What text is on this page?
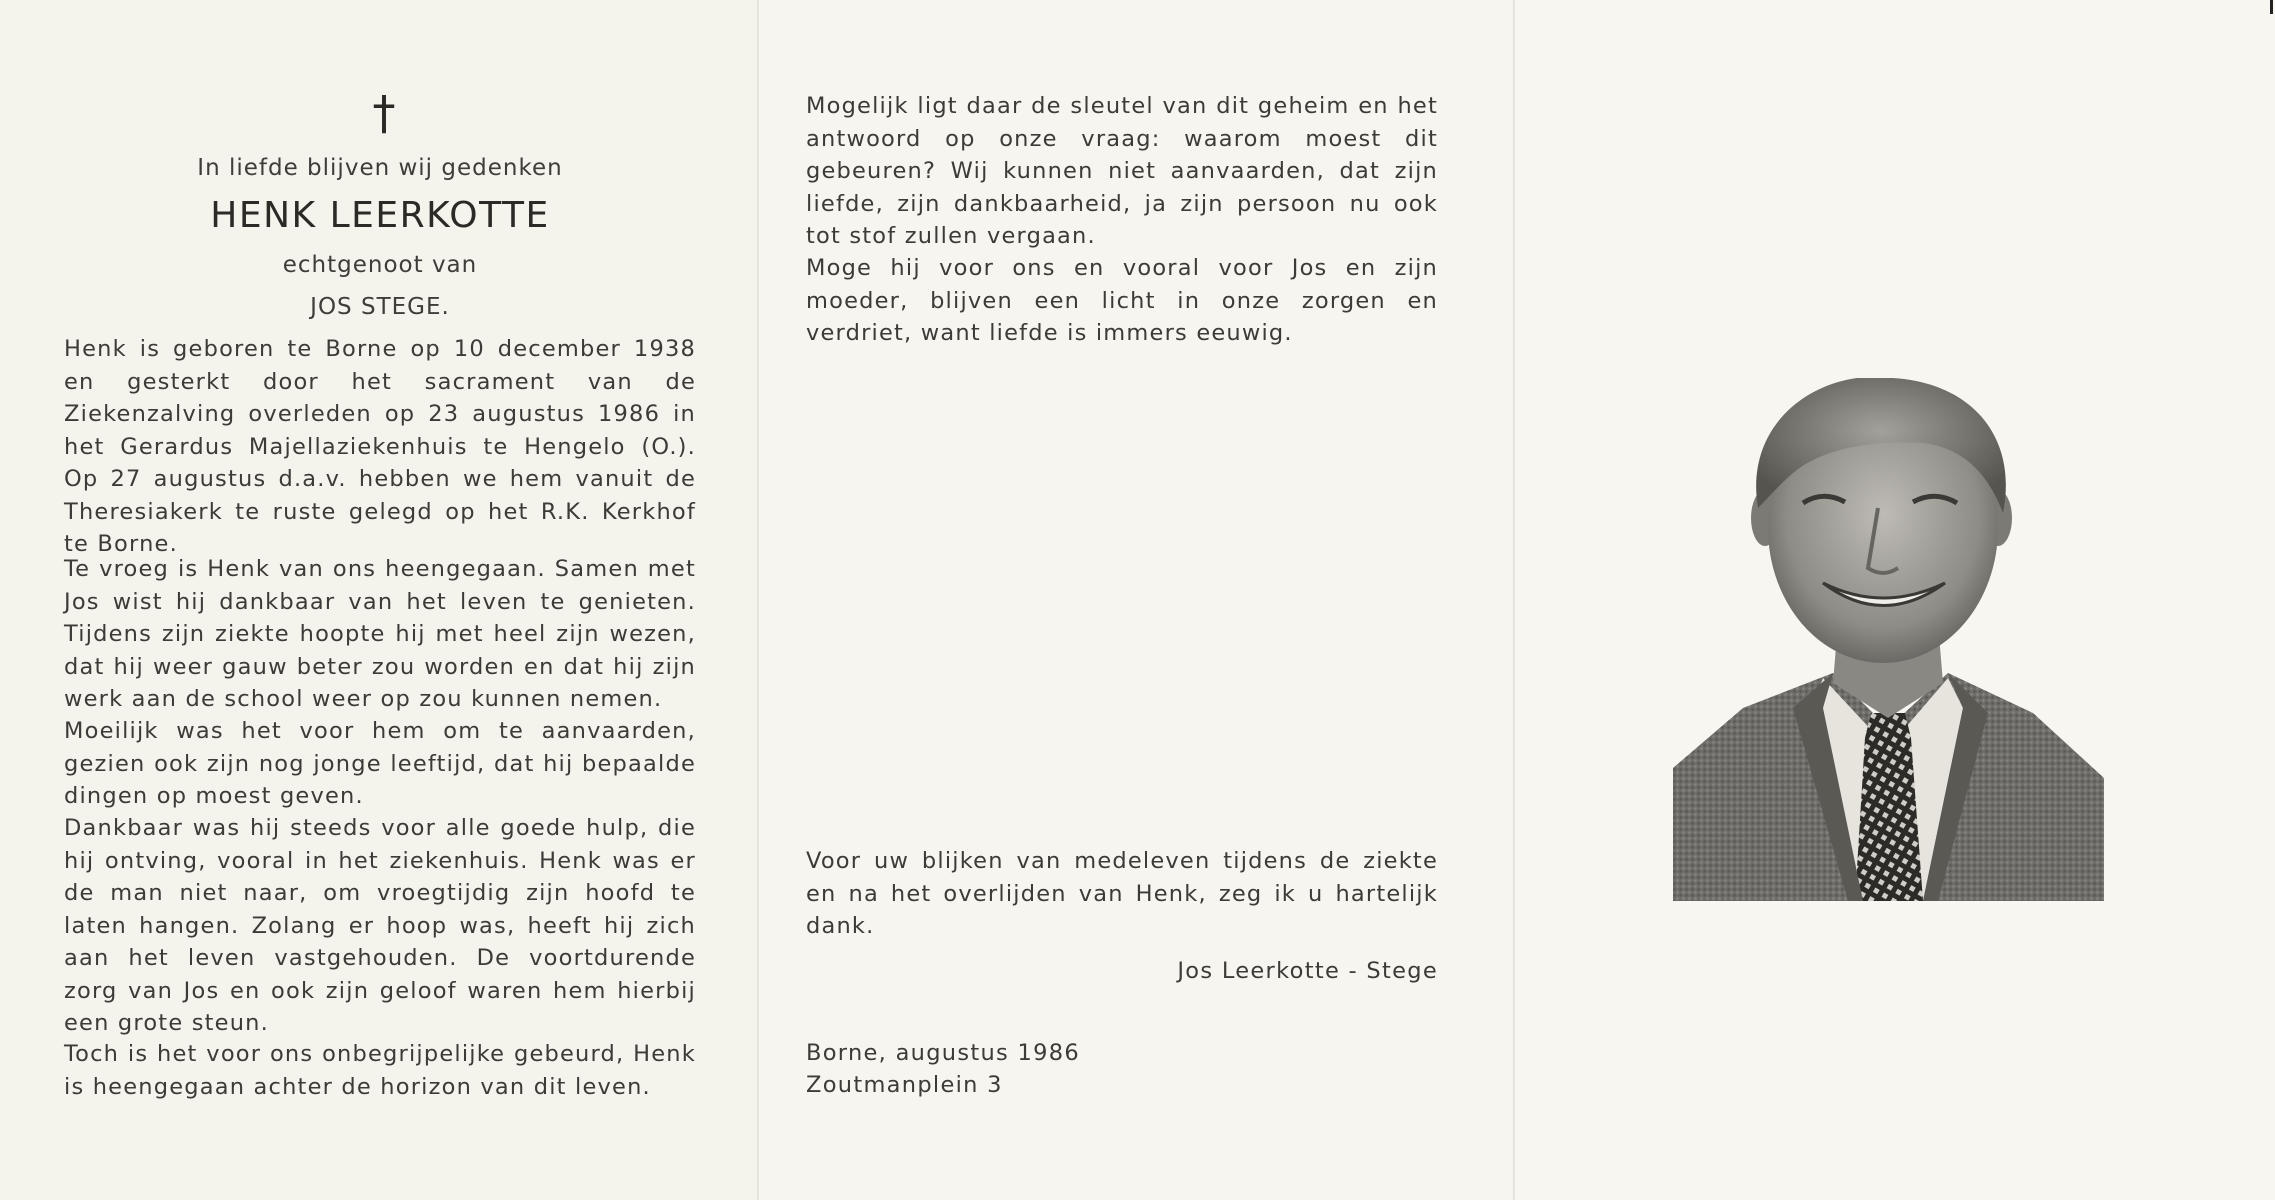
†
In liefde blijven wij gedenken
HENK LEERKOTTE
echtgenoot van
JOS STEGE.

Henk is geboren te Borne op 10 december 1938 en gesterkt door het sacrament van de Ziekenzalving overleden op 23 augustus 1986 in het Gerardus Majellaziekenhuis te Hengelo (O.). Op 27 augustus d.a.v. hebben we hem vanuit de Theresiakerk te ruste gelegd op het R.K. Kerkhof te Borne.

Te vroeg is Henk van ons heengegaan. Samen met Jos wist hij dankbaar van het leven te genieten. Tijdens zijn ziekte hoopte hij met heel zijn wezen, dat hij weer gauw beter zou worden en dat hij zijn werk aan de school weer op zou kunnen nemen.

Moeilijk was het voor hem om te aanvaarden, gezien ook zijn nog jonge leeftijd, dat hij bepaalde dingen op moest geven.

Dankbaar was hij steeds voor alle goede hulp, die hij ontving, vooral in het ziekenhuis. Henk was er de man niet naar, om vroegtijdig zijn hoofd te laten hangen. Zolang er hoop was, heeft hij zich aan het leven vastgehouden. De voortdurende zorg van Jos en ook zijn geloof waren hem hierbij een grote steun.

Toch is het voor ons onbegrijpelijke gebeurd, Henk is heengegaan achter de horizon van dit leven.

Mogelijk ligt daar de sleutel van dit geheim en het antwoord op onze vraag: waarom moest dit gebeuren? Wij kunnen niet aanvaarden, dat zijn liefde, zijn dankbaarheid, ja zijn persoon nu ook tot stof zullen vergaan.

Moge hij voor ons en vooral voor Jos en zijn moeder, blijven een licht in onze zorgen en verdriet, want liefde is immers eeuwig.

Voor uw blijken van medeleven tijdens de ziekte en na het overlijden van Henk, zeg ik u hartelijk dank.

Jos Leerkotte - Stege
Borne, augustus 1986
Zoutmanplein 3
